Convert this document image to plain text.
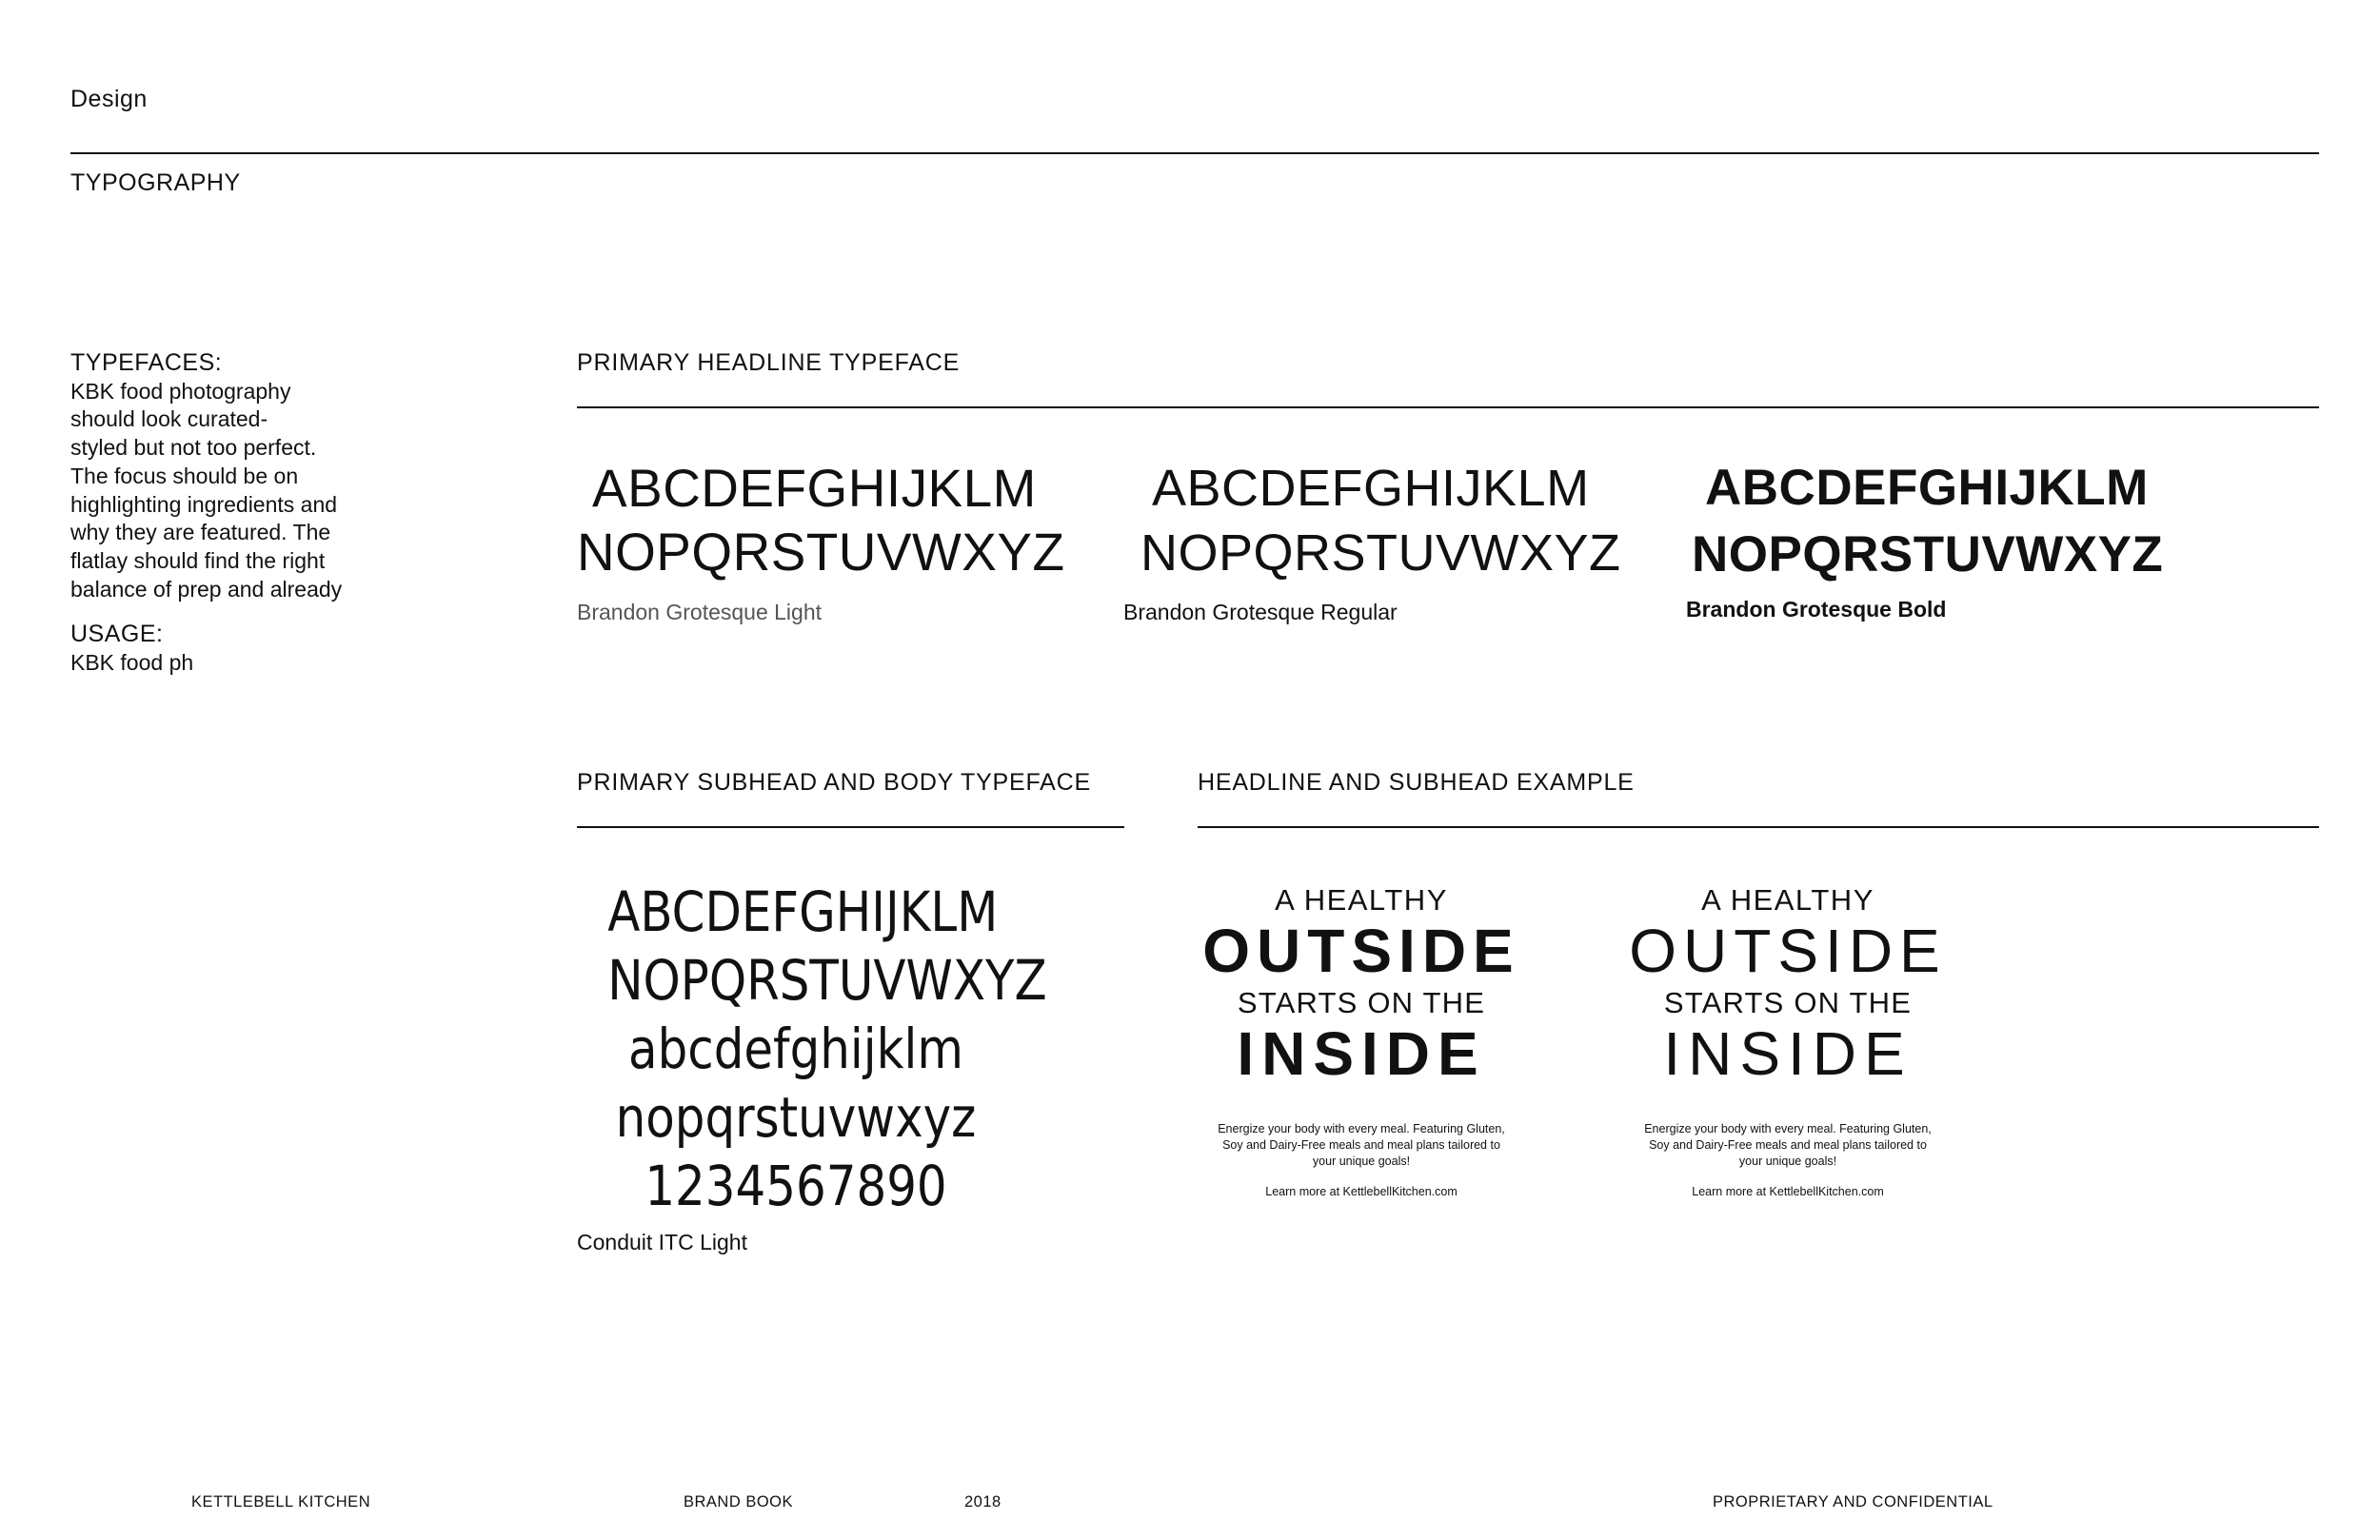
Design
TYPOGRAPHY
TYPEFACES:
KBK food photography
should look curated-
styled but not too perfect.
The focus should be on
highlighting ingredients and
why they are featured. The
flatlay should find the right
balance of prep and already
USAGE:
KBK food ph
PRIMARY HEADLINE TYPEFACE
ABCDEFGHIJKLM
NOPQRSTUVWXYZ
Brandon Grotesque Light
ABCDEFGHIJKLM
NOPQRSTUVWXYZ
Brandon Grotesque Regular
ABCDEFGHIJKLM
NOPQRSTUVWXYZ
Brandon Grotesque Bold
PRIMARY SUBHEAD AND BODY TYPEFACE
ABCDEFGHIJKLM
NOPQRSTUVWXYZ
abcdefghijklm
nopqrstuvwxyz
1234567890
Conduit ITC Light
HEADLINE AND SUBHEAD EXAMPLE
A HEALTHY
OUTSIDE
STARTS ON THE
INSIDE
Energize your body with every meal. Featuring Gluten,
Soy and Dairy-Free meals and meal plans tailored to
your unique goals!
Learn more at KettlebellKitchen.com
A HEALTHY
OUTSIDE
STARTS ON THE
INSIDE
Energize your body with every meal. Featuring Gluten,
Soy and Dairy-Free meals and meal plans tailored to
your unique goals!
Learn more at KettlebellKitchen.com
KETTLEBELL KITCHEN	BRAND BOOK	2018	PROPRIETARY AND CONFIDENTIAL
